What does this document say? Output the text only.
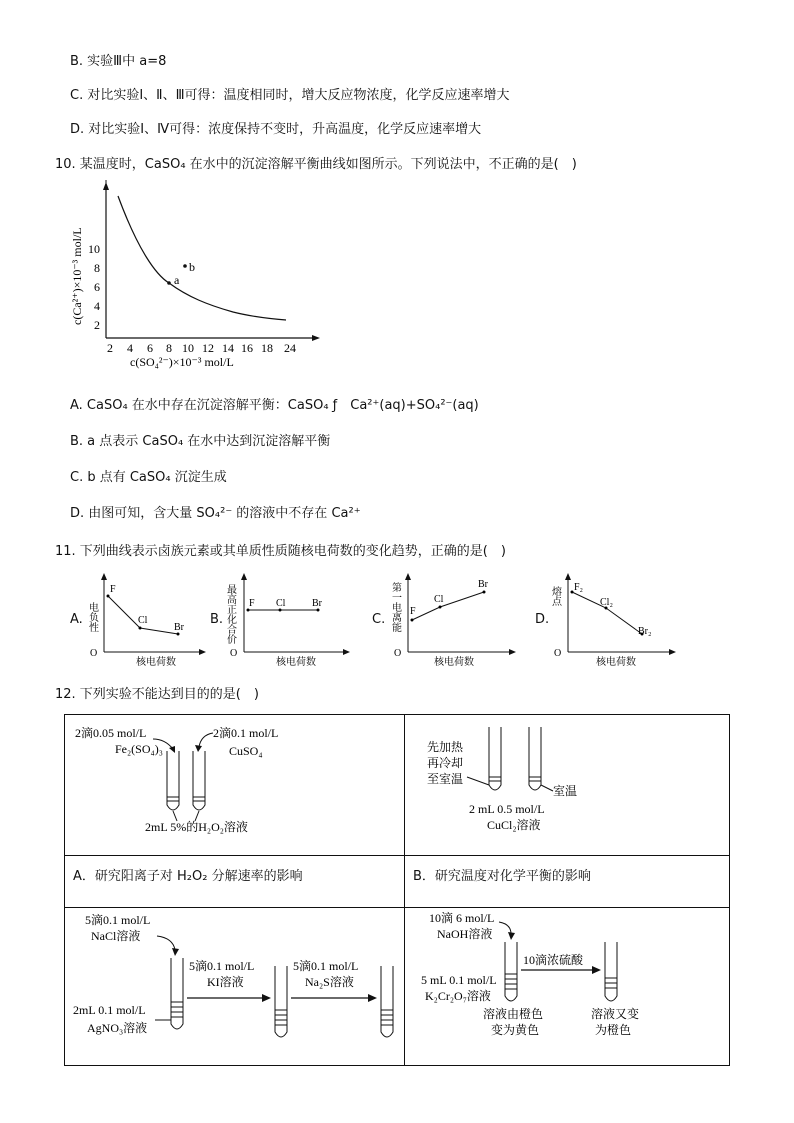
B. 实验Ⅲ中 a=8
C. 对比实验Ⅰ、Ⅱ、Ⅲ可得：温度相同时，增大反应物浓度，化学反应速率增大
D. 对比实验Ⅰ、Ⅳ可得：浓度保持不变时，升高温度，化学反应速率增大
10. 某温度时，CaSO₄ 在水中的沉淀溶解平衡曲线如图所示。下列说法中，不正确的是(　)
2
4
6
8
10
2 4 6 8 10 12 14 16 18 24
c(Ca²⁺)×10⁻³ mol/L	a
b
c(SO₄²⁻)×10⁻³ mol/L
A. CaSO₄ 在水中存在沉淀溶解平衡：CaSO₄ ƒ　Ca²⁺(aq)+SO₄²⁻(aq)
B. a 点表示 CaSO₄ 在水中达到沉淀溶解平衡
C. b 点有 CaSO₄ 沉淀生成
D. 由图可知，含大量 SO₄²⁻ 的溶液中不存在 Ca²⁺
11. 下列曲线表示卤族元素或其单质性质随核电荷数的变化趋势，正确的是(　)
A.
O
电负性
F
Cl
Br
核电荷数
B.
O
最高正化合价 F Cl	Br
核电荷数
C.
O
第一电离能 F
Cl
Br
核电荷数
D.
O
熔点 F₂
Cl₂
Br₂
核电荷数
12. 下列实验不能达到目的的是(　)
2滴0.05 mol/L
Fe₂(SO₄)₃
2滴0.1 mol/L
CuSO₄
2mL 5%的H₂O₂溶液
A．研究阳离子对 H₂O₂ 分解速率的影响
先加热
再冷却
至室温
室温
2 mL 0.5 mol/L
CuCl₂溶液
B．研究温度对化学平衡的影响
5滴0.1 mol/L
NaCl溶液
5滴0.1 mol/L
KI溶液
5滴0.1 mol/L
Na₂S溶液
2mL 0.1 mol/L
AgNO₃溶液
10滴 6 mol/L
NaOH溶液
10滴浓硫酸
5 mL 0.1 mol/L
K₂Cr₂O₇溶液
溶液由橙色
变为黄色
溶液又变
为橙色
